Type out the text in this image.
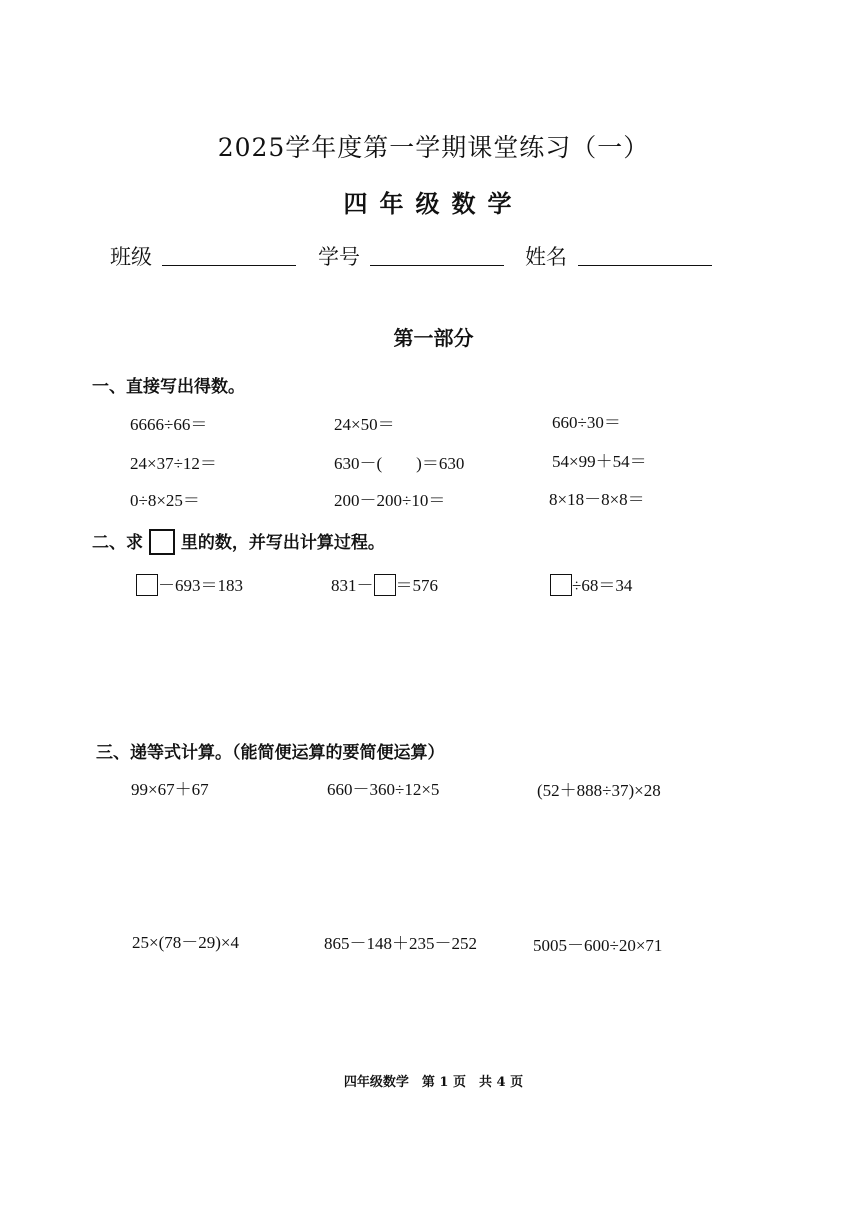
2025学年度第一学期课堂练习（一）
四年级数学
班级	学号	姓名
第一部分
一、直接写出得数。
6666÷66＝	24×50＝	660÷30＝
24×37÷12＝	630－(　　)＝630	54×99＋54＝
0÷8×25＝	200－200÷10＝	8×18－8×8＝
二、求 里的数，并写出计算过程。
－693＝183	831－ ＝576	÷68＝34
三、递等式计算。（能简便运算的要简便运算）
99×67＋67	660－360÷12×5	(52＋888÷37)×28
25×(78－29)×4	865－148＋235－252	5005－600÷20×71
四年级数学　第 1 页　共 4 页
